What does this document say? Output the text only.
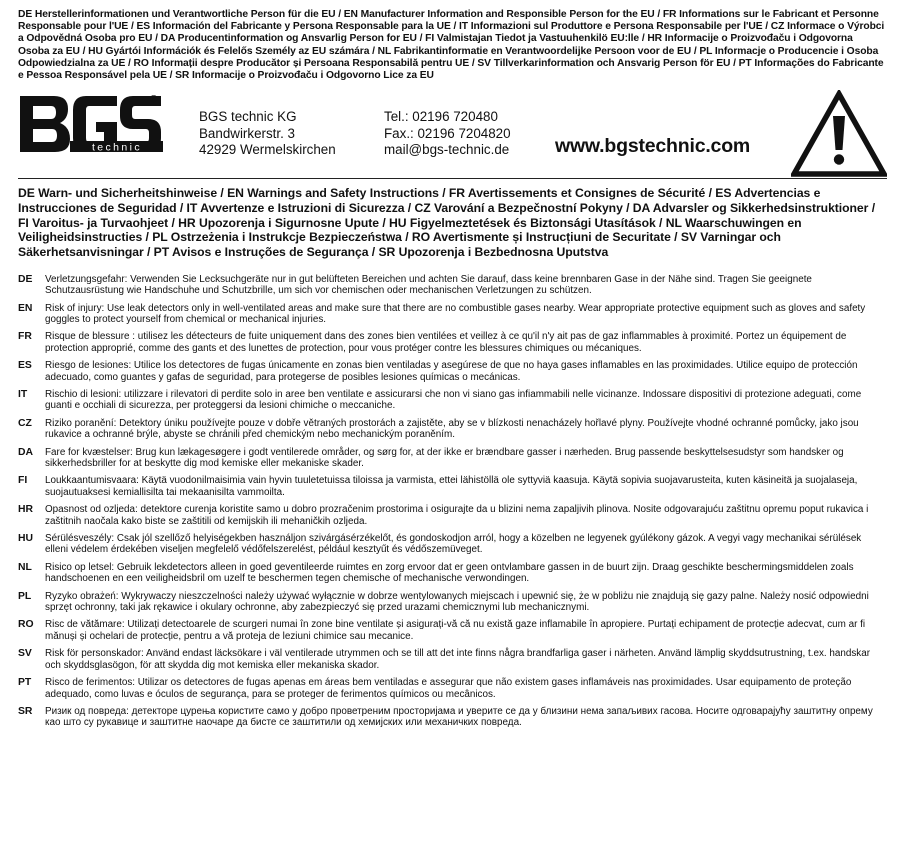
DE Herstellerinformationen und Verantwortliche Person für die EU / EN Manufacturer Information and Responsible Person for the EU / FR Informations sur le Fabricant et Personne Responsable pour l'UE / ES Información del Fabricante y Persona Responsable para la UE / IT Informazioni sul Produttore e Persona Responsabile per l'UE / CZ Informace o Výrobci a Odpovědná Osoba pro EU / DA Producentinformation og Ansvarlig Person for EU / FI Valmistajan Tiedot ja Vastuuhenkilö EU:lle / HR Informacije o Proizvođaču i Odgovorna Osoba za EU / HU Gyártói Információk és Felelős Személy az EU számára / NL Fabrikantinformatie en Verantwoordelijke Persoon voor de EU / PL Informacje o Producencie i Osoba Odpowiedzialna za UE / RO Informații despre Producător și Persoana Responsabilă pentru UE / SV Tillverkarinformation och Ansvarig Person för EU / PT Informações do Fabricante e Pessoa Responsável pela UE / SR Informacije o Proizvođaču i Odgovorno Lice za EU

technic
®
BGS technic KG
Bandwirkerstr. 3
42929 Wermelskirchen
Tel.: 02196 720480
Fax.: 02196 7204820
mail@bgs-technic.de www.bgstechnic.com

DE Warn- und Sicherheitshinweise / EN Warnings and Safety Instructions / FR Avertissements et Consignes de Sécurité / ES Advertencias e Instrucciones de Seguridad / IT Avvertenze e Istruzioni di Sicurezza / CZ Varování a Bezpečnostní Pokyny / DA Advarsler og Sikkerhedsinstruktioner / FI Varoitus- ja Turvaohjeet / HR Upozorenja i Sigurnosne Upute / HU Figyelmeztetések és Biztonsági Utasítások / NL Waarschuwingen en Veiligheidsinstructies / PL Ostrzeżenia i Instrukcje Bezpieczeństwa / RO Avertismente și Instrucțiuni de Securitate / SV Varningar och Säkerhetsanvisningar / PT Avisos e Instruções de Segurança / SR Upozorenja i Bezbednosna Uputstva

DE	Verletzungsgefahr: Verwenden Sie Lecksuchgeräte nur in gut belüfteten Bereichen und achten Sie darauf, dass keine brennbaren Gase in der Nähe sind. Tragen Sie geeignete Schutzausrüstung wie Handschuhe und Schutzbrille, um sich vor chemischen oder mechanischen Verletzungen zu schützen.
EN	Risk of injury: Use leak detectors only in well-ventilated areas and make sure that there are no combustible gases nearby. Wear appropriate protective equipment such as gloves and safety goggles to protect yourself from chemical or mechanical injuries.
FR	Risque de blessure : utilisez les détecteurs de fuite uniquement dans des zones bien ventilées et veillez à ce qu'il n'y ait pas de gaz inflammables à proximité. Portez un équipement de protection approprié, comme des gants et des lunettes de protection, pour vous protéger contre les blessures chimiques ou mécaniques.
ES	Riesgo de lesiones: Utilice los detectores de fugas únicamente en zonas bien ventiladas y asegúrese de que no haya gases inflamables en las proximidades. Utilice equipo de protección adecuado, como guantes y gafas de seguridad, para protegerse de posibles lesiones químicas o mecánicas.
IT	Rischio di lesioni: utilizzare i rilevatori di perdite solo in aree ben ventilate e assicurarsi che non vi siano gas infiammabili nelle vicinanze. Indossare dispositivi di protezione adeguati, come guanti e occhiali di sicurezza, per proteggersi da lesioni chimiche o meccaniche.
CZ	Riziko poranění: Detektory úniku používejte pouze v dobře větraných prostorách a zajistěte, aby se v blízkosti nenacházely hořlavé plyny. Používejte vhodné ochranné pomůcky, jako jsou rukavice a ochranné brýle, abyste se chránili před chemickým nebo mechanickým poraněním.
DA	Fare for kvæstelser: Brug kun lækagesøgere i godt ventilerede områder, og sørg for, at der ikke er brændbare gasser i nærheden. Brug passende beskyttelsesudstyr som handsker og sikkerhedsbriller for at beskytte dig mod kemiske eller mekaniske skader.
FI	Loukkaantumisvaara: Käytä vuodonilmaisimia vain hyvin tuuletetuissa tiloissa ja varmista, ettei lähistöllä ole syttyviä kaasuja. Käytä sopivia suojavarusteita, kuten käsineitä ja suojalaseja, suojautuaksesi kemiallisilta tai mekaanisilta vammoilta.
HR	Opasnost od ozljeda: detektore curenja koristite samo u dobro prozračenim prostorima i osigurajte da u blizini nema zapaljivih plinova. Nosite odgovarajuću zaštitnu opremu poput rukavica i zaštitnih naočala kako biste se zaštitili od kemijskih ili mehaničkih ozljeda.
HU	Sérülésveszély: Csak jól szellőző helyiségekben használjon szivárgásérzékelőt, és gondoskodjon arról, hogy a közelben ne legyenek gyúlékony gázok. A vegyi vagy mechanikai sérülések elleni védelem érdekében viseljen megfelelő védőfelszerelést, például kesztyűt és védőszemüveget.
NL	Risico op letsel: Gebruik lekdetectors alleen in goed geventileerde ruimtes en zorg ervoor dat er geen ontvlambare gassen in de buurt zijn. Draag geschikte beschermingsmiddelen zoals handschoenen en een veiligheidsbril om uzelf te beschermen tegen chemische of mechanische verwondingen.
PL	Ryzyko obrażeń: Wykrywaczy nieszczelności należy używać wyłącznie w dobrze wentylowanych miejscach i upewnić się, że w pobliżu nie znajdują się gazy palne. Należy nosić odpowiedni sprzęt ochronny, taki jak rękawice i okulary ochronne, aby zabezpieczyć się przed urazami chemicznymi lub mechanicznymi.
RO	Risc de vătămare: Utilizați detectoarele de scurgeri numai în zone bine ventilate și asigurați-vă că nu există gaze inflamabile în apropiere. Purtați echipament de protecție adecvat, cum ar fi mănuși și ochelari de protecție, pentru a vă proteja de leziuni chimice sau mecanice.
SV	Risk för personskador: Använd endast läcksökare i väl ventilerade utrymmen och se till att det inte finns några brandfarliga gaser i närheten. Använd lämplig skyddsutrustning, t.ex. handskar och skyddsglasögon, för att skydda dig mot kemiska eller mekaniska skador.
PT	Risco de ferimentos: Utilizar os detectores de fugas apenas em áreas bem ventiladas e assegurar que não existem gases inflamáveis nas proximidades. Usar equipamento de proteção adequado, como luvas e óculos de segurança, para se proteger de ferimentos químicos ou mecânicos.
SR	Ризик од повреда: детекторе цурења користите само у добро проветреним просторијама и уверите се да у близини нема запаљивих гасова. Носите одговарајућу заштитну опрему као што су рукавице и заштитне наочаре да бисте се заштитили од хемијских или механичких повреда.
